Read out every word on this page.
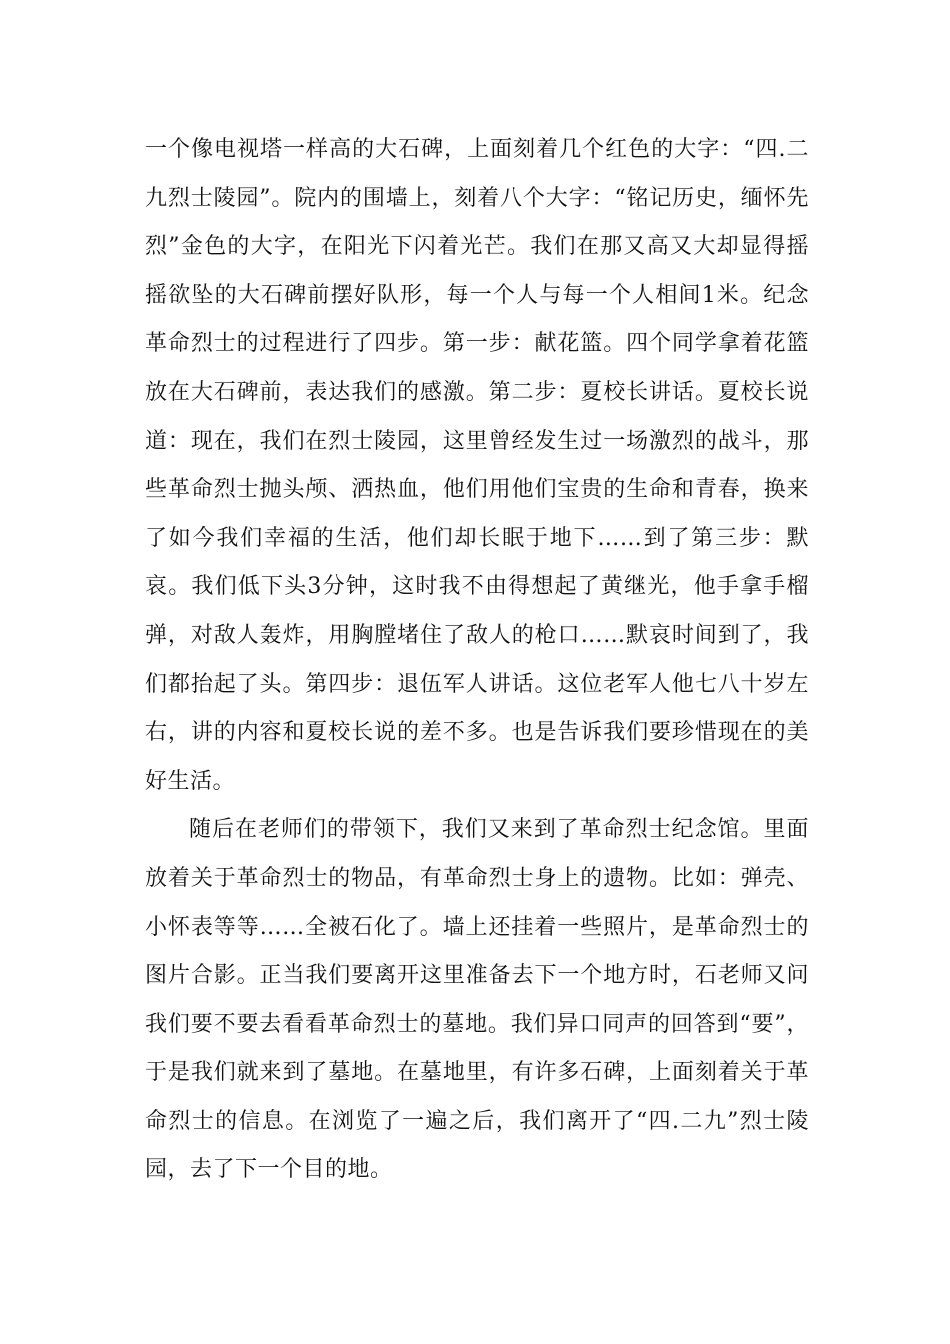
一个像电视塔一样高的大石碑，上面刻着几个红色的大字：“四.二九烈士陵园”。院内的围墙上，刻着八个大字：“铭记历史，缅怀先烈”金色的大字，在阳光下闪着光芒。我们在那又高又大却显得摇摇欲坠的大石碑前摆好队形，每一个人与每一个人相间1米。纪念革命烈士的过程进行了四步。第一步：献花篮。四个同学拿着花篮放在大石碑前，表达我们的感激。第二步：夏校长讲话。夏校长说道：现在，我们在烈士陵园，这里曾经发生过一场激烈的战斗，那些革命烈士抛头颅、洒热血，他们用他们宝贵的生命和青春，换来了如今我们幸福的生活，他们却长眠于地下……到了第三步：默哀。我们低下头3分钟，这时我不由得想起了黄继光，他手拿手榴弹，对敌人轰炸，用胸膛堵住了敌人的枪口……默哀时间到了，我们都抬起了头。第四步：退伍军人讲话。这位老军人他七八十岁左右，讲的内容和夏校长说的差不多。也是告诉我们要珍惜现在的美好生活。

随后在老师们的带领下，我们又来到了革命烈士纪念馆。里面放着关于革命烈士的物品，有革命烈士身上的遗物。比如：弹壳、小怀表等等……全被石化了。墙上还挂着一些照片，是革命烈士的图片合影。正当我们要离开这里准备去下一个地方时，石老师又问我们要不要去看看革命烈士的墓地。我们异口同声的回答到“要”，于是我们就来到了墓地。在墓地里，有许多石碑，上面刻着关于革命烈士的信息。在浏览了一遍之后，我们离开了“四.二九”烈士陵园，去了下一个目的地。
